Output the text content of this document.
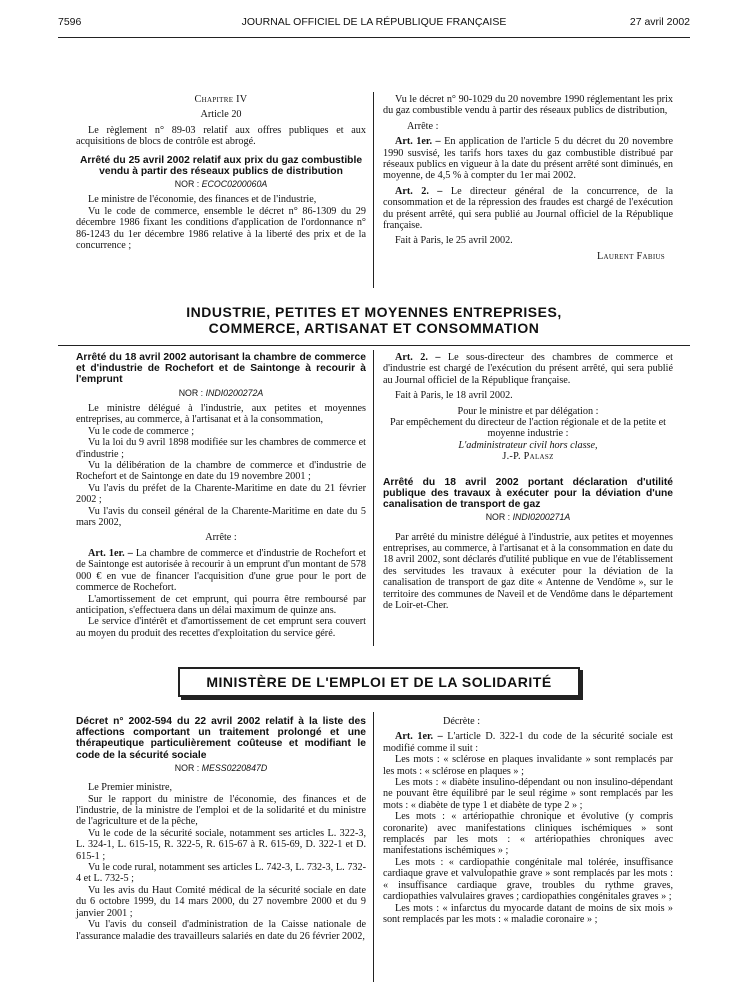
7596	JOURNAL OFFICIEL DE LA RÉPUBLIQUE FRANÇAISE	27 avril 2002

Chapitre IV

Article 20

Le règlement n° 89-03 relatif aux offres publiques et aux acquisitions de blocs de contrôle est abrogé.

Arrêté du 25 avril 2002 relatif aux prix du gaz combustible vendu à partir des réseaux publics de distribution

NOR : ECOC0200060A

Le ministre de l'économie, des finances et de l'industrie,

Vu le code de commerce, ensemble le décret n° 86-1309 du 29 décembre 1986 fixant les conditions d'application de l'ordonnance n° 86-1243 du 1er décembre 1986 relative à la liberté des prix et de la concurrence ;

Vu le décret n° 90-1029 du 20 novembre 1990 réglementant les prix du gaz combustible vendu à partir des réseaux publics de distribution,

Arrête :

Art. 1er. – En application de l'article 5 du décret du 20 novembre 1990 susvisé, les tarifs hors taxes du gaz combustible distribué par réseaux publics en vigueur à la date du présent arrêté sont diminués, en moyenne, de 4,5 % à compter du 1er mai 2002.

Art. 2. – Le directeur général de la concurrence, de la consommation et de la répression des fraudes est chargé de l'exécution du présent arrêté, qui sera publié au Journal officiel de la République française.

Fait à Paris, le 25 avril 2002.

Laurent Fabius

INDUSTRIE, PETITES ET MOYENNES ENTREPRISES,
COMMERCE, ARTISANAT ET CONSOMMATION

Arrêté du 18 avril 2002 autorisant la chambre de commerce et d'industrie de Rochefort et de Saintonge à recourir à l'emprunt

NOR : INDI0200272A

Le ministre délégué à l'industrie, aux petites et moyennes entreprises, au commerce, à l'artisanat et à la consommation,

Vu le code de commerce ;

Vu la loi du 9 avril 1898 modifiée sur les chambres de commerce et d'industrie ;

Vu la délibération de la chambre de commerce et d'industrie de Rochefort et de Saintonge en date du 19 novembre 2001 ;

Vu l'avis du préfet de la Charente-Maritime en date du 21 février 2002 ;

Vu l'avis du conseil général de la Charente-Maritime en date du 5 mars 2002,

Arrête :

Art. 1er. – La chambre de commerce et d'industrie de Rochefort et de Saintonge est autorisée à recourir à un emprunt d'un montant de 578 000 € en vue de financer l'acquisition d'une grue pour le port de commerce de Rochefort.

L'amortissement de cet emprunt, qui pourra être remboursé par anticipation, s'effectuera dans un délai maximum de quinze ans.

Le service d'intérêt et d'amortissement de cet emprunt sera couvert au moyen du produit des recettes d'exploitation du service géré.

Art. 2. – Le sous-directeur des chambres de commerce et d'industrie est chargé de l'exécution du présent arrêté, qui sera publié au Journal officiel de la République française.

Fait à Paris, le 18 avril 2002.

Pour le ministre et par délégation :

Par empêchement du directeur de l'action régionale et de la petite et moyenne industrie :

L'administrateur civil hors classe,

J.-P. Palasz

Arrêté du 18 avril 2002 portant déclaration d'utilité publique des travaux à exécuter pour la déviation d'une canalisation de transport de gaz

NOR : INDI0200271A

Par arrêté du ministre délégué à l'industrie, aux petites et moyennes entreprises, au commerce, à l'artisanat et à la consommation en date du 18 avril 2002, sont déclarés d'utilité publique en vue de l'établissement des servitudes les travaux à exécuter pour la déviation de la canalisation de transport de gaz dite « Antenne de Vendôme », sur le territoire des communes de Naveil et de Vendôme dans le département de Loir-et-Cher.

MINISTÈRE DE L'EMPLOI ET DE LA SOLIDARITÉ

Décret n° 2002-594 du 22 avril 2002 relatif à la liste des affections comportant un traitement prolongé et une thérapeutique particulièrement coûteuse et modifiant le code de la sécurité sociale

NOR : MESS0220847D

Le Premier ministre,

Sur le rapport du ministre de l'économie, des finances et de l'industrie, de la ministre de l'emploi et de la solidarité et du ministre de l'agriculture et de la pêche,

Vu le code de la sécurité sociale, notamment ses articles L. 322-3, L. 324-1, L. 615-15, R. 322-5, R. 615-67 à R. 615-69, D. 322-1 et D. 615-1 ;

Vu le code rural, notamment ses articles L. 742-3, L. 732-3, L. 732-4 et L. 732-5 ;

Vu les avis du Haut Comité médical de la sécurité sociale en date du 6 octobre 1999, du 14 mars 2000, du 27 novembre 2000 et du 9 janvier 2001 ;

Vu l'avis du conseil d'administration de la Caisse nationale de l'assurance maladie des travailleurs salariés en date du 26 février 2002,

Décrète :

Art. 1er. – L'article D. 322-1 du code de la sécurité sociale est modifié comme il suit :

Les mots : « sclérose en plaques invalidante » sont remplacés par les mots : « sclérose en plaques » ;

Les mots : « diabète insulino-dépendant ou non insulino-dépendant ne pouvant être équilibré par le seul régime » sont remplacés par les mots : « diabète de type 1 et diabète de type 2 » ;

Les mots : « artériopathie chronique et évolutive (y compris coronarite) avec manifestations cliniques ischémiques » sont remplacés par les mots : « artériopathies chroniques avec manifestations ischémiques » ;

Les mots : « cardiopathie congénitale mal tolérée, insuffisance cardiaque grave et valvulopathie grave » sont remplacés par les mots : « insuffisance cardiaque grave, troubles du rythme graves, cardiopathies valvulaires graves ; cardiopathies congénitales graves » ;

Les mots : « infarctus du myocarde datant de moins de six mois » sont remplacés par les mots : « maladie coronaire » ;
